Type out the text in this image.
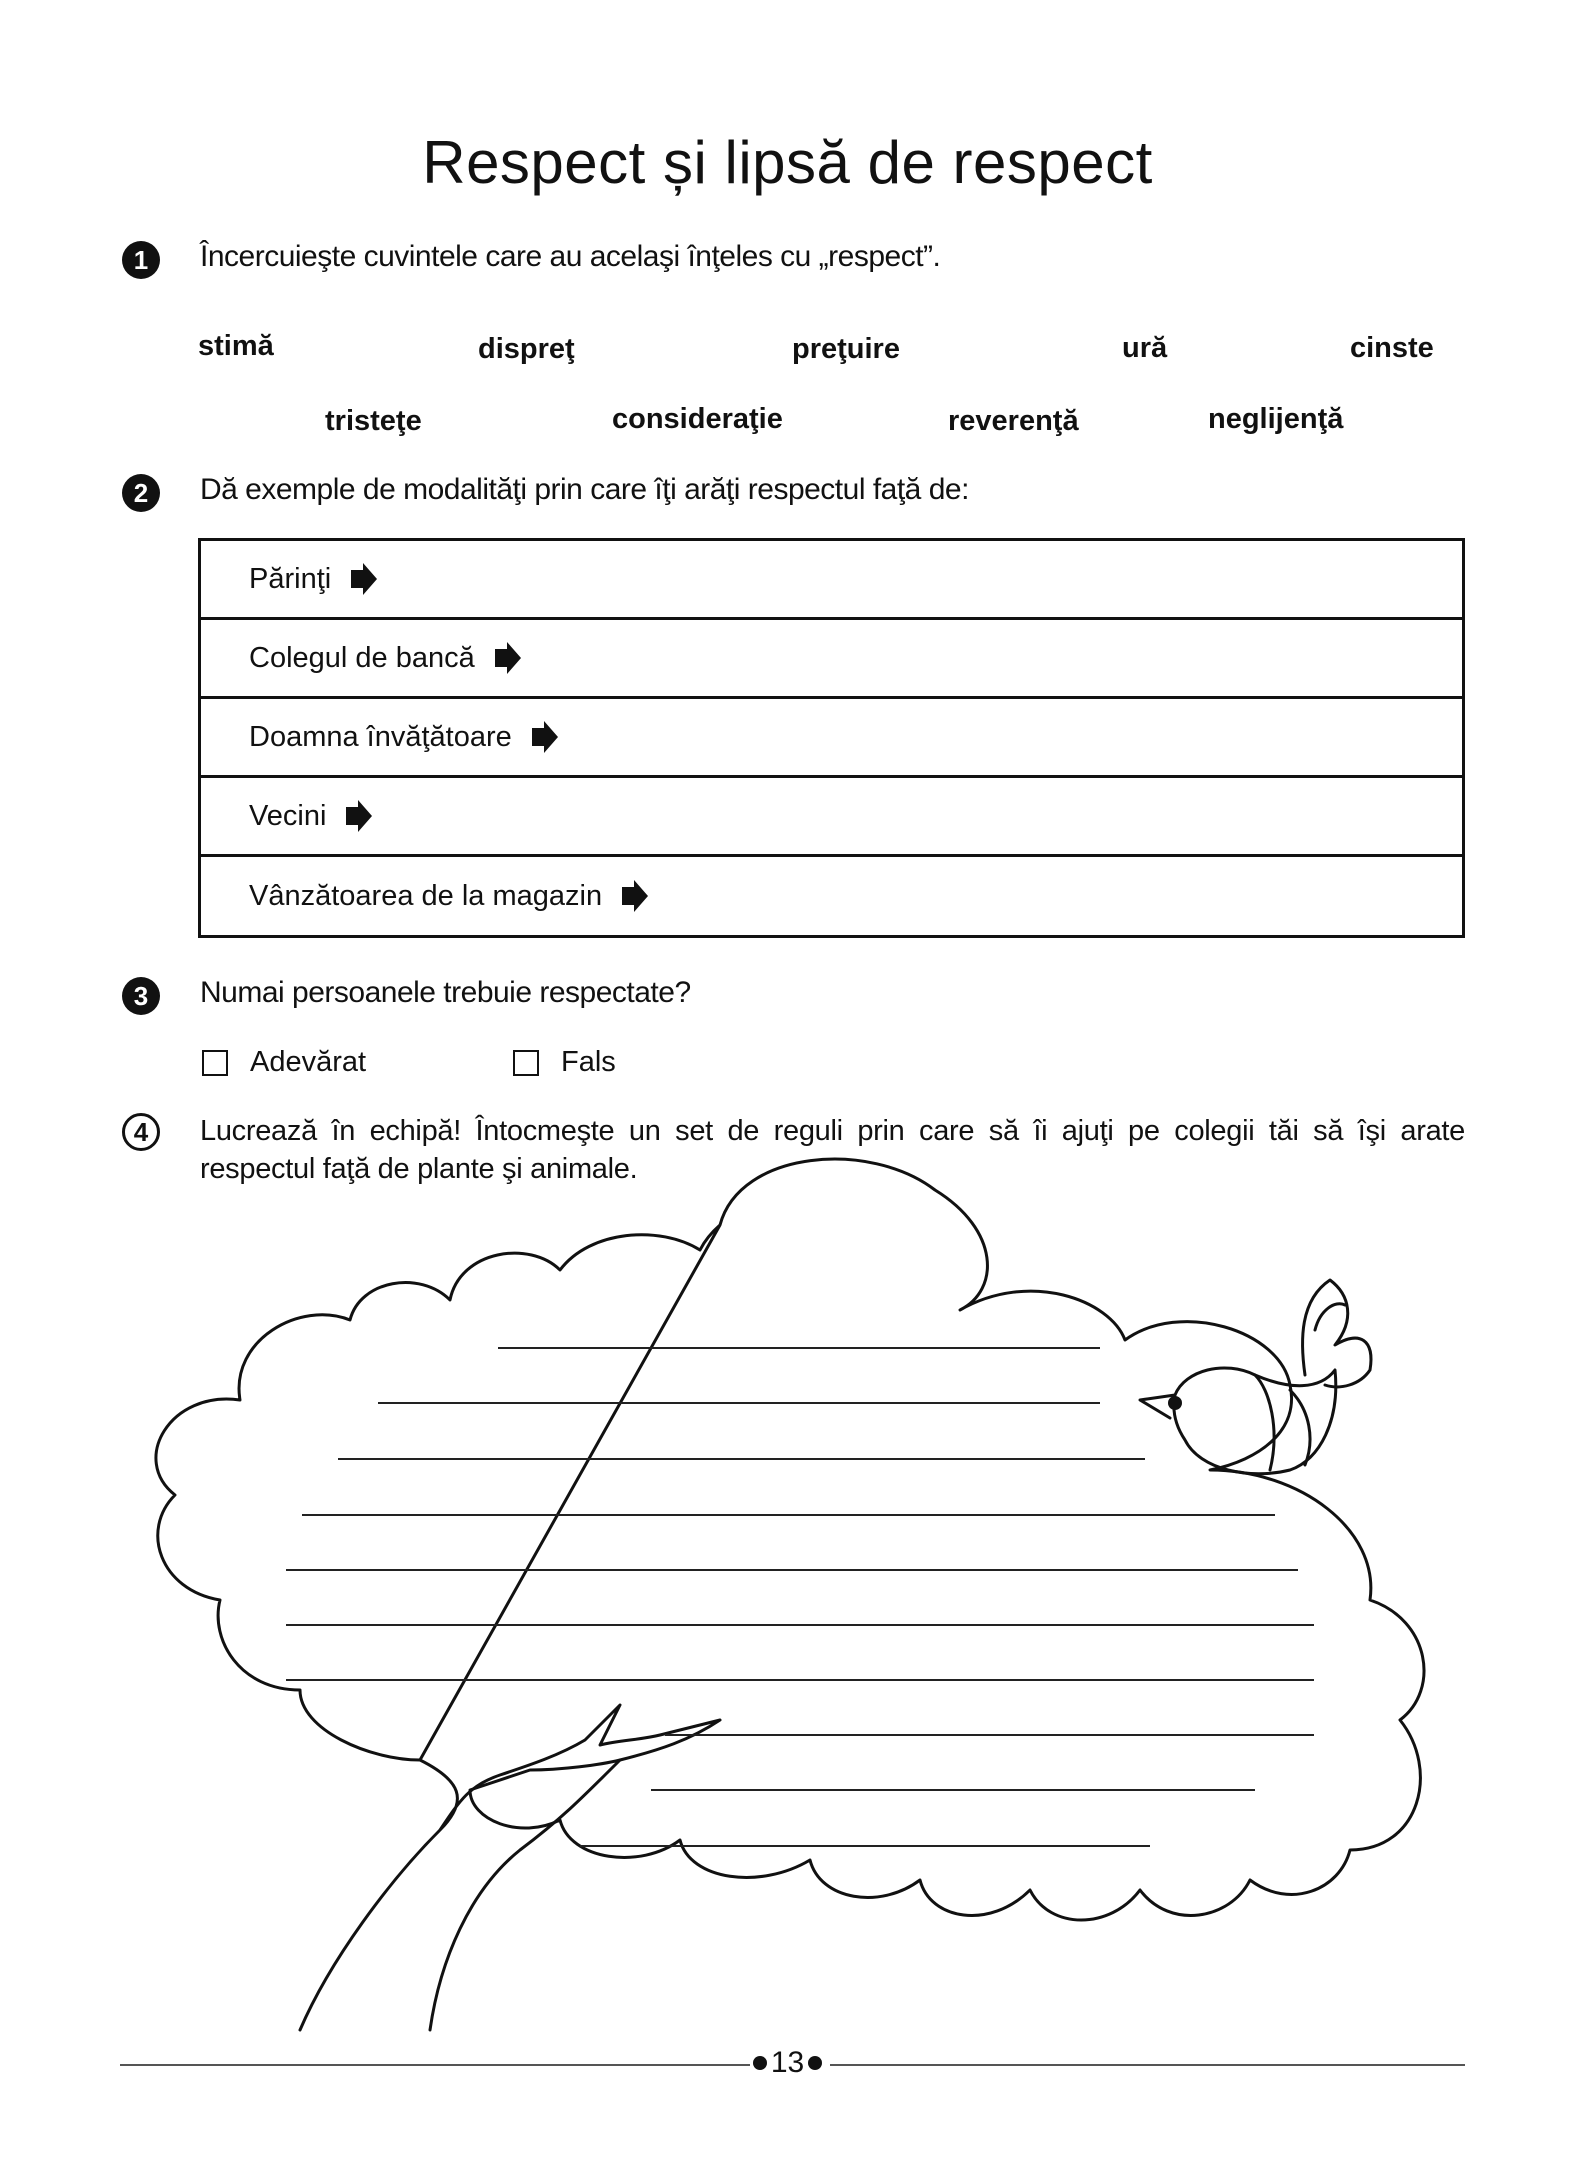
Respect și lipsă de respect
1	Încercuieşte cuvintele care au acelaşi înţeles cu „respect”.
stimă	dispreţ	preţuire	ură	cinste
tristeţe	consideraţie	reverenţă	neglijenţă
2	Dă exemple de modalităţi prin care îţi arăţi respectul faţă de:
Părinţi
Colegul de bancă
Doamna învăţătoare
Vecini
Vânzătoarea de la magazin
3	Numai persoanele trebuie respectate?
Adevărat	Fals
4	Lucrează în echipă! Întocmeşte un set de reguli prin care să îi ajuţi pe colegii tăi să îşi arate respectul faţă de plante şi animale.
13
